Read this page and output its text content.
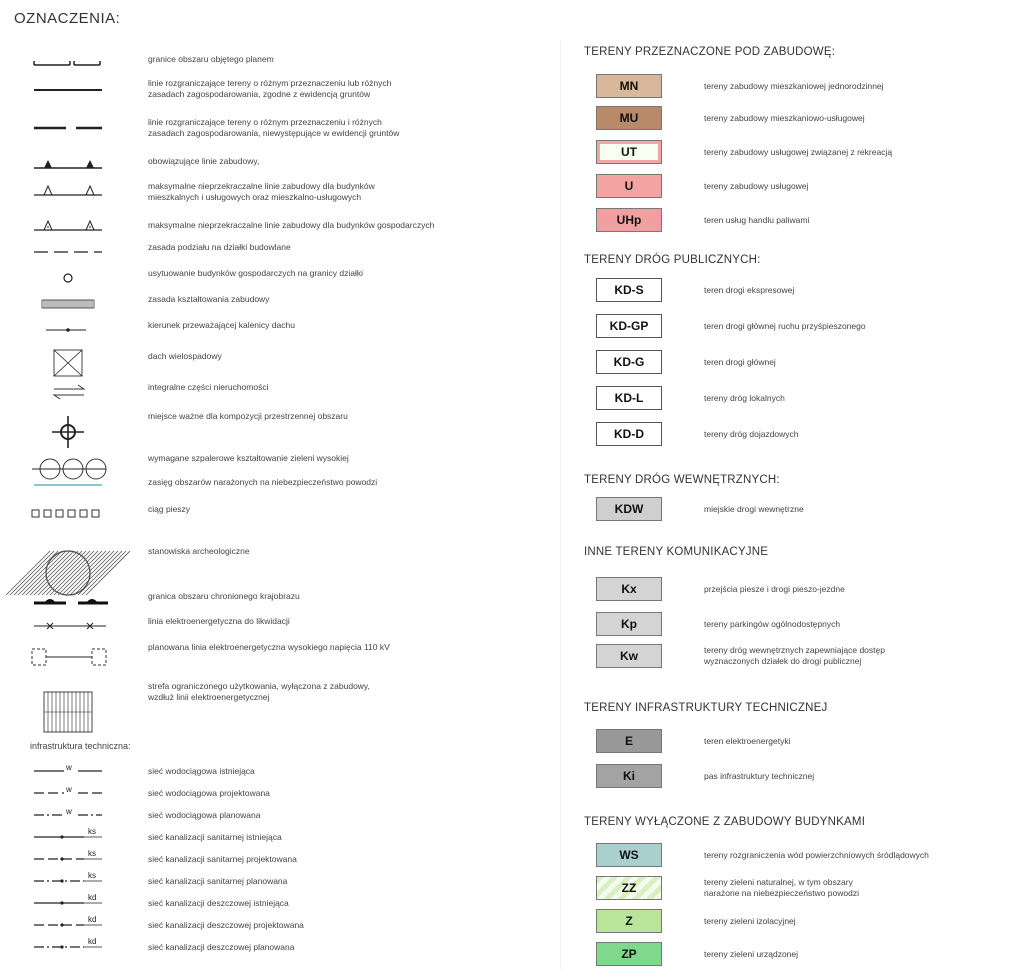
OZNACZENIA:
granice obszaru objętego planem
linie rozgraniczające tereny o różnym przeznaczeniu lub różnych
zasadach zagospodarowania, zgodne z ewidencją gruntów
linie rozgraniczające tereny o różnym przeznaczeniu i różnych
zasadach zagospodarowania, niewystępujące w ewidencji gruntów
obowiązujące linie zabudowy,
maksymalne nieprzekraczalne linie zabudowy dla budynków
mieszkalnych i usługowych oraz mieszkalno-usługowych
maksymalne nieprzekraczalne linie zabudowy dla budynków gospodarczych
zasada podziału na działki budowlane
usytuowanie budynków gospodarczych na granicy działki
zasada kształtowania zabudowy
kierunek przeważającej kalenicy dachu
dach wielospadowy
integralne części nieruchomości
miejsce ważne dla kompozycji przestrzennej obszaru
wymagane szpalerowe kształtowanie zieleni wysokiej
zasięg obszarów narażonych na niebezpieczeństwo powodzi
ciąg pieszy
stanowiska archeologiczne
granica obszaru chronionego krajobrazu
linia elektroenergetyczna do likwidacji
planowana linia elektroenergetyczna wysokiego napięcia 110 kV
strefa ograniczonego użytkowania, wyłączona z zabudowy,
wzdłuż linii elektroenergetycznej
infrastruktura techniczna:
w	sieć wodociągowa istniejąca
w	sieć wodociągowa projektowana
w	sieć wodociągowa planowana
ks
sieć kanalizacji sanitarnej istniejąca
ks
sieć kanalizacji sanitarnej projektowana
ks
sieć kanalizacji sanitarnej planowana
kd
sieć kanalizacji deszczowej istniejąca
kd
sieć kanalizacji deszczowej projektowana
kd
sieć kanalizacji deszczowej planowana
TERENY PRZEZNACZONE POD ZABUDOWĘ:
MN	tereny zabudowy mieszkaniowej jednorodzinnej
MU	tereny zabudowy mieszkaniowo-usługowej
UT	tereny zabudowy usługowej związanej z rekreacją
U	tereny zabudowy usługowej
UHp	teren usług handlu paliwami
TERENY DRÓG PUBLICZNYCH:
KD-S	teren drogi ekspresowej
KD-GP	teren drogi głównej ruchu przyśpieszonego
KD-G	teren drogi głównej
KD-L	tereny dróg lokalnych
KD-D	tereny dróg dojazdowych
TERENY DRÓG WEWNĘTRZNYCH:
KDW	miejskie drogi wewnętrzne
INNE TERENY KOMUNIKACYJNE
Kx	przejścia piesze i drogi pieszo-jezdne
Kp	tereny parkingów ogólnodostępnych
Kw	tereny dróg wewnętrznych zapewniające dostęp
wyznaczonych działek do drogi publicznej
TERENY INFRASTRUKTURY TECHNICZNEJ
E	teren elektroenergetyki
Ki	pas infrastruktury technicznej
TERENY WYŁĄCZONE Z ZABUDOWY BUDYNKAMI
WS	tereny rozgraniczenia wód powierzchniowych śródlądowych
ZZ	tereny zieleni naturalnej, w tym obszary
narażone na niebezpieczeństwo powodzi
Z	tereny zieleni izolacyjnej
ZP	tereny zieleni urządzonej
